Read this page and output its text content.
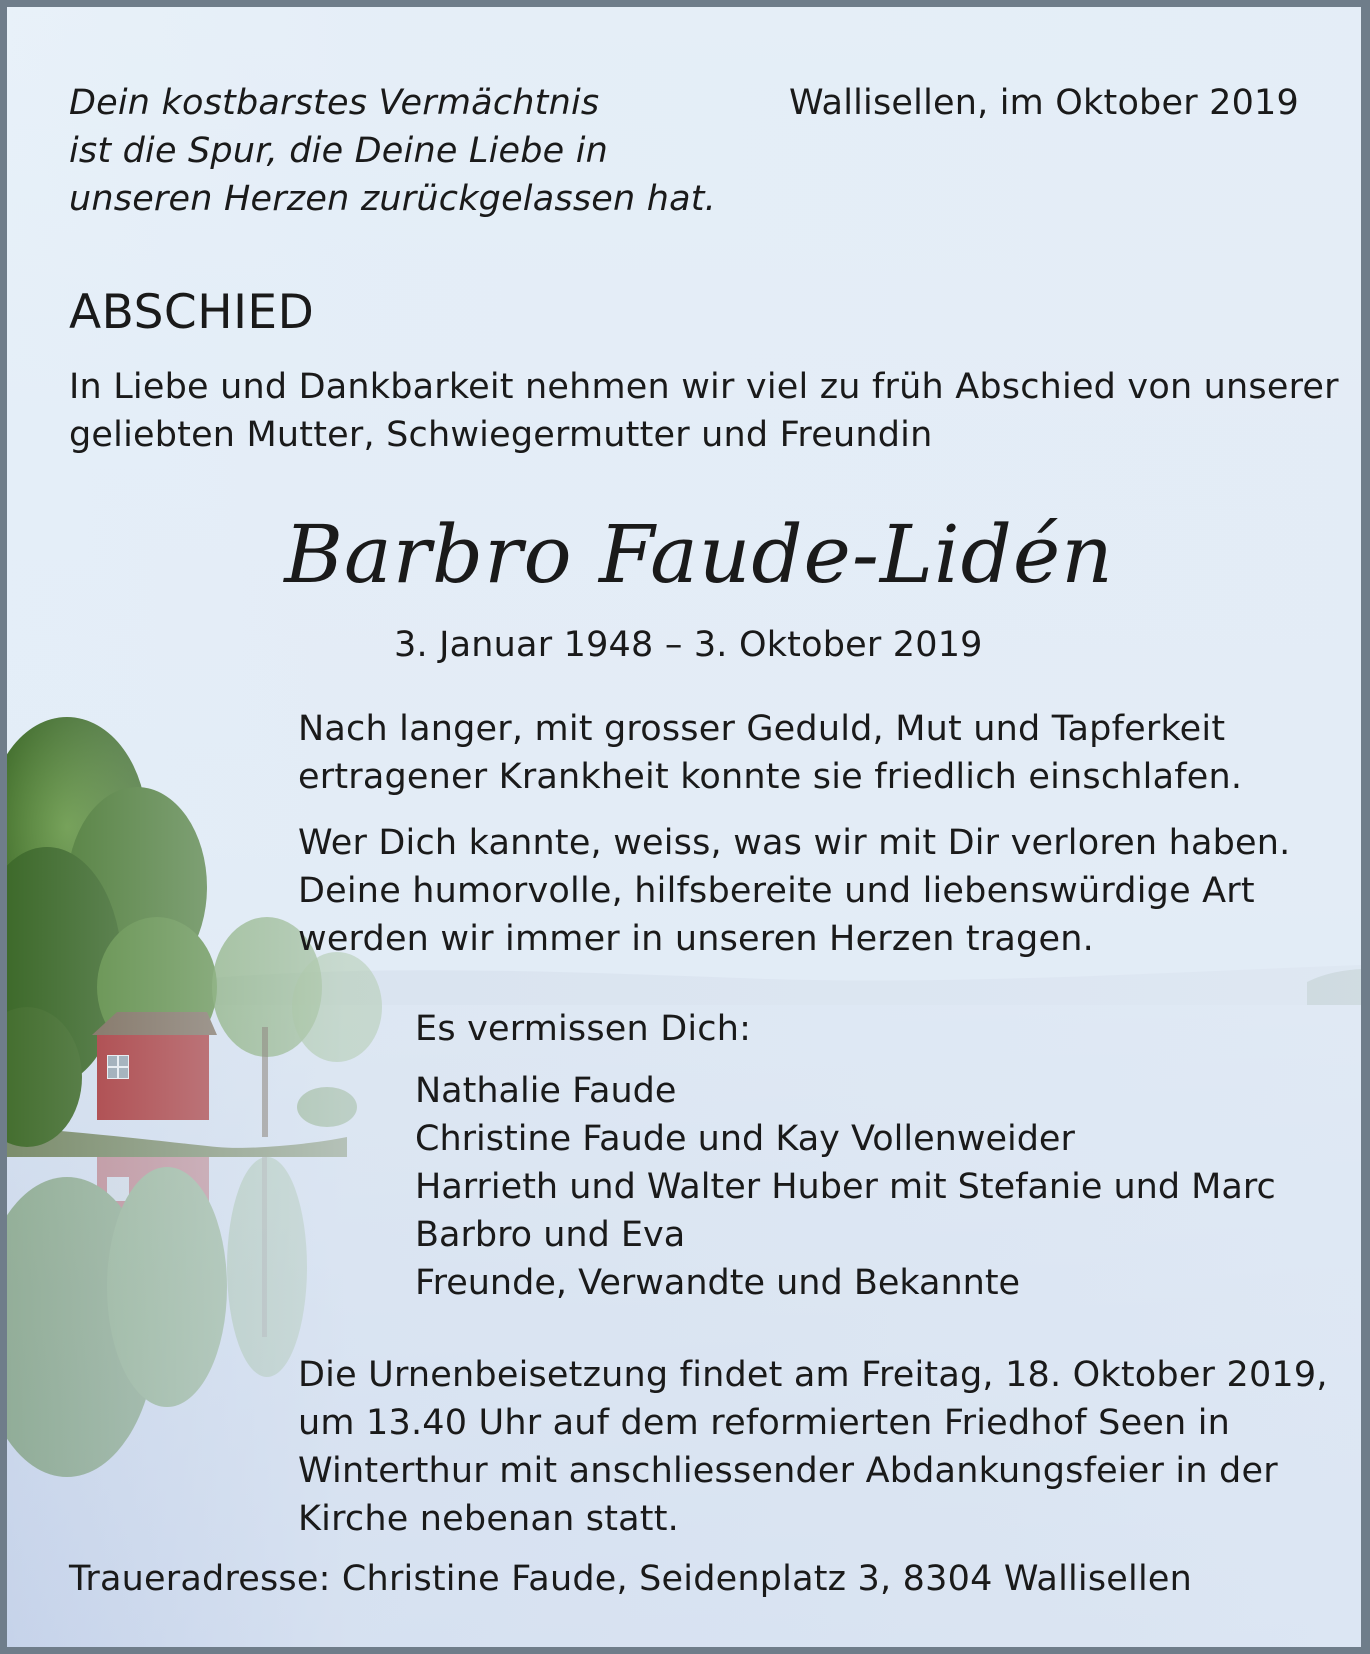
Dein kostbarstes Vermächtnis
ist die Spur, die Deine Liebe in
unseren Herzen zurückgelassen hat.

Wallisellen, im Oktober 2019

ABSCHIED

In Liebe und Dankbarkeit nehmen wir viel zu früh Abschied von unserer
geliebten Mutter, Schwiegermutter und Freundin

Barbro Faude-Lidén

3. Januar 1948 – 3. Oktober 2019

Nach langer, mit grosser Geduld, Mut und Tapferkeit
ertragener Krankheit konnte sie friedlich einschlafen.

Wer Dich kannte, weiss, was wir mit Dir verloren haben.
Deine humorvolle, hilfsbereite und liebenswürdige Art
werden wir immer in unseren Herzen tragen.

Es vermissen Dich:

Nathalie Faude
Christine Faude und Kay Vollenweider
Harrieth und Walter Huber mit Stefanie und Marc
Barbro und Eva
Freunde, Verwandte und Bekannte

Die Urnenbeisetzung findet am Freitag, 18. Oktober 2019,
um 13.40 Uhr auf dem reformierten Friedhof Seen in
Winterthur mit anschliessender Abdankungsfeier in der
Kirche nebenan statt.

Traueradresse: Christine Faude, Seidenplatz 3, 8304 Wallisellen
